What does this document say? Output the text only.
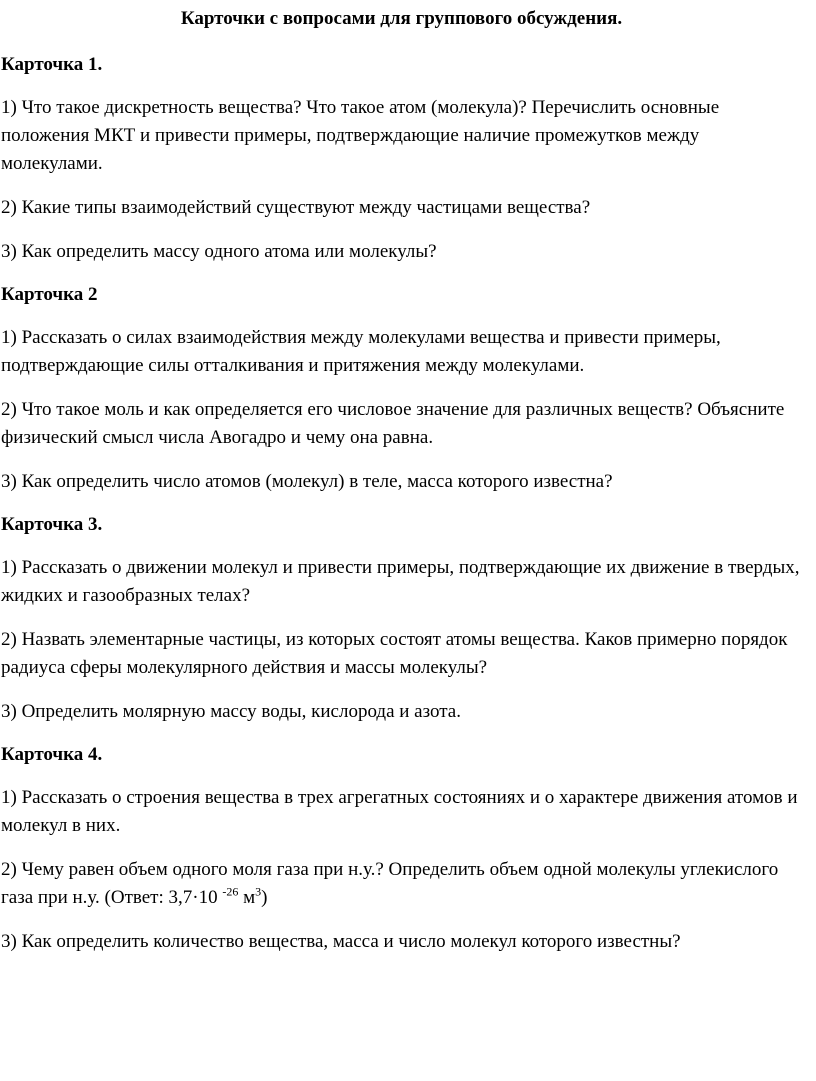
Карточки с вопросами для группового обсуждения.

Карточка 1.

1) Что такое дискретность вещества? Что такое атом (молекула)? Перечислить основные положения МКТ и привести примеры, подтверждающие наличие промежутков между молекулами.

2) Какие типы взаимодействий существуют между частицами вещества?

3) Как определить массу одного атома или молекулы?

Карточка 2

1) Рассказать о силах взаимодействия между молекулами вещества и привести примеры, подтверждающие силы отталкивания и притяжения между молекулами.

2) Что такое моль и как определяется его числовое значение для различных веществ? Объясните физический смысл числа Авогадро и чему она равна.

3) Как определить число атомов (молекул) в теле, масса которого известна?

Карточка 3.

1) Рассказать о движении молекул и привести примеры, подтверждающие их движение в твердых, жидких и газообразных телах?

2) Назвать элементарные частицы, из которых состоят атомы вещества. Каков примерно порядок радиуса сферы молекулярного действия и массы молекулы?

3) Определить молярную массу воды, кислорода и азота.

Карточка 4.

1) Рассказать о строения вещества в трех агрегатных состояниях и о характере движения атомов и молекул в них.

2) Чему равен объем одного моля газа при н.у.? Определить объем одной молекулы углекислого газа при н.у. (Ответ: 3,7·10 $^{-26}$ $м^3$)

3) Как определить количество вещества, масса и число молекул которого известны?
